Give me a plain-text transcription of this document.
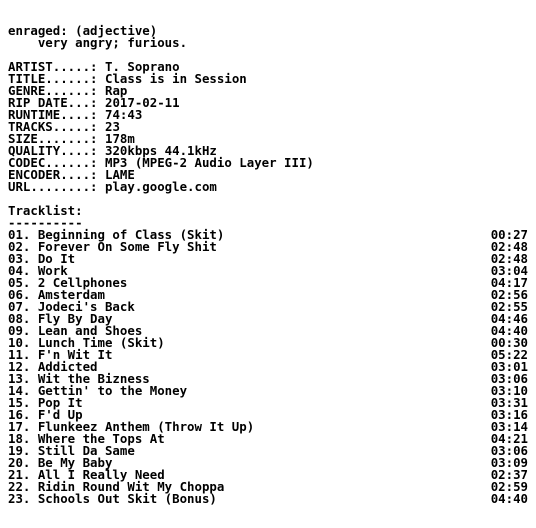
enraged: (adjective)
very angry; furious.
ARTIST.....: T. Soprano
TITLE......: Class is in Session
GENRE......: Rap
RIP DATE...: 2017-02-11
RUNTIME....: 74:43
TRACKS.....: 23
SIZE.......: 178m
QUALITY....: 320kbps 44.1kHz
CODEC......: MP3 (MPEG-2 Audio Layer III)
ENCODER....: LAME
URL........: play.google.com
Tracklist:
----------
01. Beginning of Class (Skit)	00:27
02. Forever On Some Fly Shit	02:48
03. Do It	02:48
04. Work	03:04
05. 2 Cellphones	04:17
06. Amsterdam	02:56
07. Jodeci's Back	02:55
08. Fly By Day	04:46
09. Lean and Shoes	04:40
10. Lunch Time (Skit)	00:30
11. F'n Wit It	05:22
12. Addicted	03:01
13. Wit the Bizness	03:06
14. Gettin' to the Money	03:10
15. Pop It	03:31
16. F'd Up	03:16
17. Flunkeez Anthem (Throw It Up)	03:14
18. Where the Tops At	04:21
19. Still Da Same	03:06
20. Be My Baby	03:09
21. All I Really Need	02:37
22. Ridin Round Wit My Choppa	02:59
23. Schools Out Skit (Bonus)	04:40
